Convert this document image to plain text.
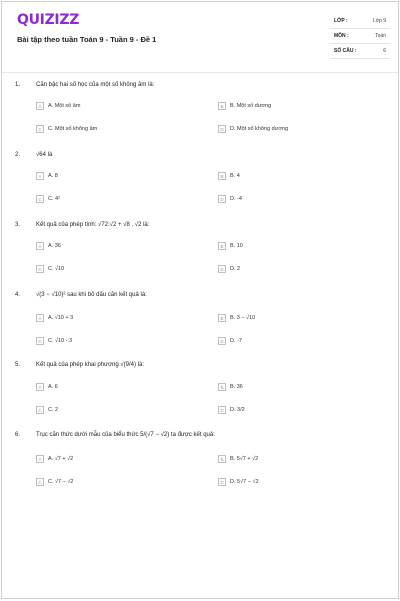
QUIZIZZ
Bài tập theo tuần Toán 9 - Tuần 9 - Đề 1
LỚP :	Lớp 9
MÔN :	Toán
SỐ CÂU :	6
1.	Căn bậc hai số học của một số không âm là:
A A. Một số âm	B B. Một số dương
C C. Một số không âm	D D. Một số không dương
2.	√64 là
A A. 8	B B. 4
C C. 4²	D D. -4
3.	Kết quả của phép tính: √72:√2 + √8 . √2 là:
A A. 36	B B. 10
C C. √10	D D. 2
4.	√(3 − √10)² sau khi bỏ dấu căn kết quả là:
A A. √10 + 3	B B. 3 − √10
C C. √10 - 3	D D. -7
5.	Kết quả của phép khai phương √(9/4) là:
A A. 6	B B. 36
C C. 2	D D. 3/2
6.	Trục căn thức dưới mẫu của biểu thức 5/(√7 − √2) ta được kết quả:
A A. √7 + √2	B B. 5√7 + √2
C C. √7 − √2	D D. 5√7 − √2
